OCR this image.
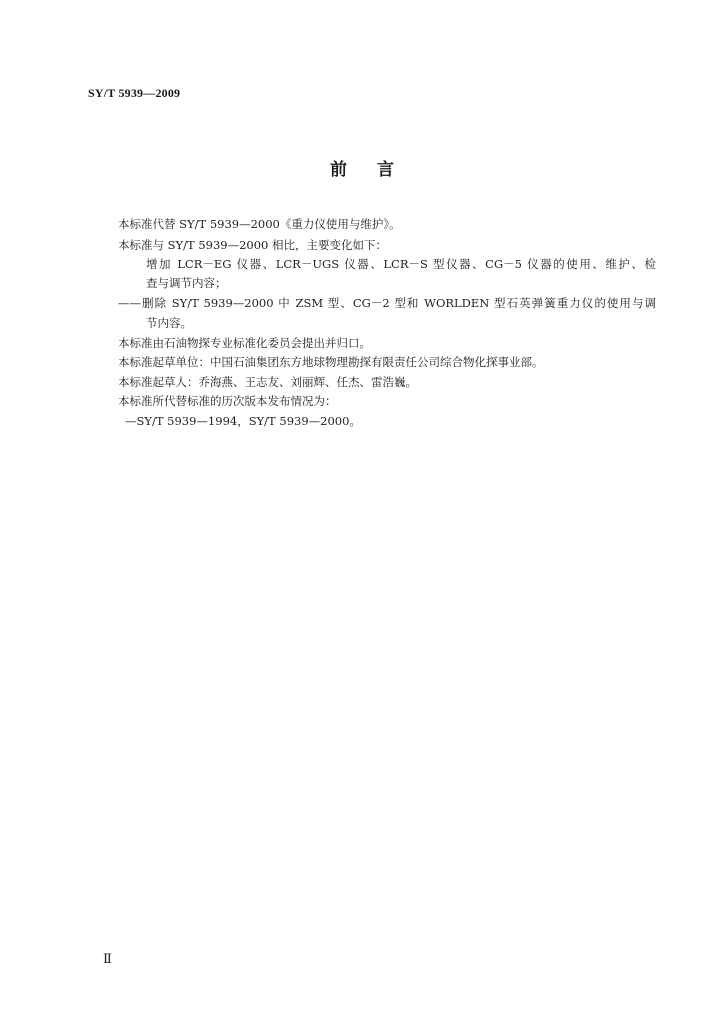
SY/T 5939—2009
前言
本标准代替 SY/T 5939—2000《重力仪使用与维护》。
本标准与 SY/T 5939—2000 相比，主要变化如下：
增加 LCR－EG 仪器、LCR－UGS 仪器、LCR－S 型仪器、CG－5 仪器的使用、维护、检
查与调节内容；
——删除 SY/T 5939—2000 中 ZSM 型、CG－2 型和 WORLDEN 型石英弹簧重力仪的使用与调
节内容。
本标准由石油物探专业标准化委员会提出并归口。
本标准起草单位：中国石油集团东方地球物理勘探有限责任公司综合物化探事业部。
本标准起草人：乔海燕、王志友、刘丽辉、任杰、雷浩巍。
本标准所代替标准的历次版本发布情况为：
—SY/T 5939—1994，SY/T 5939—2000。
Ⅱ
